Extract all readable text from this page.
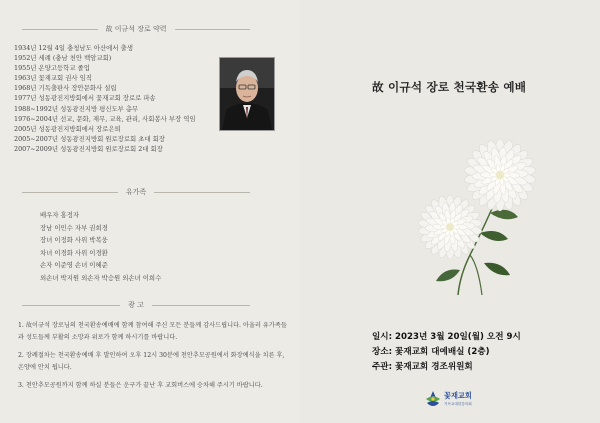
故 이규석 장로 약력
1934년 12월 4일 충청남도 아산에서 출생
1952년 세례 (충남 천안 백암교회)
1955년 온양고등학교 졸업
1963년 꽃재교회 권사 임직
1968년 기독출판사 장안문화사 설립
1977년 성동광진지방회에서 꽃재교회 장로로 파송
1988~1992년 성동광진지방 평신도부 총무
1976~2004년 선교, 문화, 재무, 교육, 관리, 사회봉사 부장 역임
2005년 성동광진지방회에서 장로은퇴
2005~2007년 성동광진지방회 원로장로회 초대 회장
2007~2009년 성동광진지방회 원로장로회 2대 회장
유가족
배우자 홍정자
장남 이민수 자부 권희경
장녀 이정화 사위 박복웅
차녀 이경화 사위 이경환
손자 이준영 손녀 이혜준
외손녀 박지원 외손자 박승원 외손녀 이희수
광 고

1. 故이규석 장로님의 천국환송예배에 함께 참여해 주신 모든 분들께 감사드립니다. 아울러 유가족들과 성도들께 부활의 소망과 위로가 함께 하시기를 바랍니다.

2. 장례절차는 천국환송예배 후 발인하여 오후 12시 30분에 천안추모공원에서 화장예식을 치른 후,온양에 안치 됩니다.

3. 천안추모공원까지 함께 하실 분들은 운구가 끝난 후 교회버스에 승차해 주시기 바랍니다.

故 이규석 장로 천국환송 예배
일시: 2023년 3월 20일(월) 오전 9시
장소: 꽃재교회 대예배실 (2층)
주관: 꽃재교회 경조위원회
꽃재교회
기독교대한감리회
